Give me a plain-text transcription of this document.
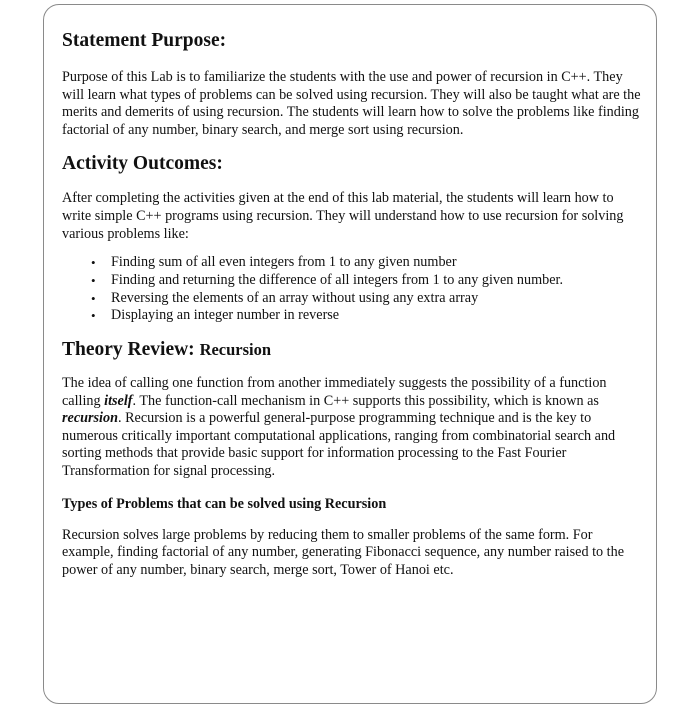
Statement Purpose:

Purpose of this Lab is to familiarize the students with the use and power of recursion in C++. They will learn what types of problems can be solved using recursion. They will also be taught what are the merits and demerits of using recursion. The students will learn how to solve the problems like finding factorial of any number, binary search, and merge sort using recursion.

Activity Outcomes:

After completing the activities given at the end of this lab material, the students will learn how to write simple C++ programs using recursion. They will understand how to use recursion for solving various problems like:

• Finding sum of all even integers from 1 to any given number
• Finding and returning the difference of all integers from 1 to any given number.
• Reversing the elements of an array without using any extra array
• Displaying an integer number in reverse
Theory Review: Recursion

The idea of calling one function from another immediately suggests the possibility of a function calling itself. The function-call mechanism in C++ supports this possibility, which is known as recursion. Recursion is a powerful general-purpose programming technique and is the key to numerous critically important computational applications, ranging from combinatorial search and sorting methods that provide basic support for information processing to the Fast Fourier Transformation for signal processing.

Types of Problems that can be solved using Recursion

Recursion solves large problems by reducing them to smaller problems of the same form. For example, finding factorial of any number, generating Fibonacci sequence, any number raised to the power of any number, binary search, merge sort, Tower of Hanoi etc.
